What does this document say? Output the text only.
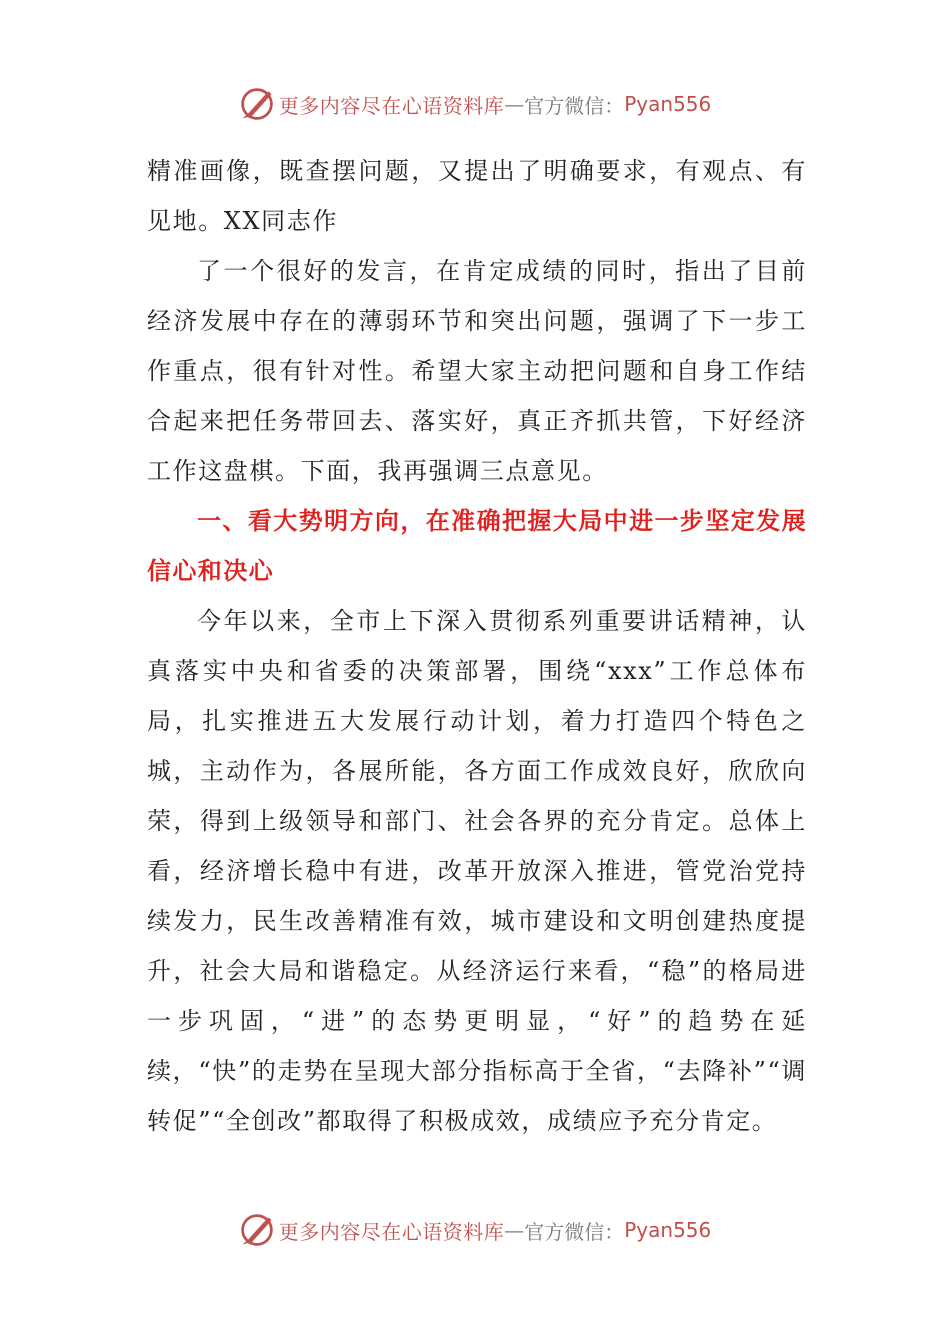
更多内容尽在心语资料库 — 官方微信： Pyan556

精准画像，既查摆问题，又提出了明确要求，有观点、有见地。XX同志作

了一个很好的发言，在肯定成绩的同时，指出了目前经济发展中存在的薄弱环节和突出问题，强调了下一步工作重点，很有针对性。希望大家主动把问题和自身工作结合起来把任务带回去、落实好，真正齐抓共管，下好经济工作这盘棋。下面，我再强调三点意见。

一、看大势明方向，在准确把握大局中进一步坚定发展信心和决心

今年以来，全市上下深入贯彻系列重要讲话精神，认真落实中央和省委的决策部署，围绕“xxx”工作总体布局，扎实推进五大发展行动计划，着力打造四个特色之城，主动作为，各展所能，各方面工作成效良好，欣欣向荣，得到上级领导和部门、社会各界的充分肯定。总体上看，经济增长稳中有进，改革开放深入推进，管党治党持续发力，民生改善精准有效，城市建设和文明创建热度提升，社会大局和谐稳定。从经济运行来看，“稳”的格局进一步巩固，“进”的态势更明显，“好”的趋势在延续，“快”的走势在呈现大部分指标高于全省，“去降补”“调转促”“全创改”都取得了积极成效，成绩应予充分肯定。

更多内容尽在心语资料库 — 官方微信： Pyan556
